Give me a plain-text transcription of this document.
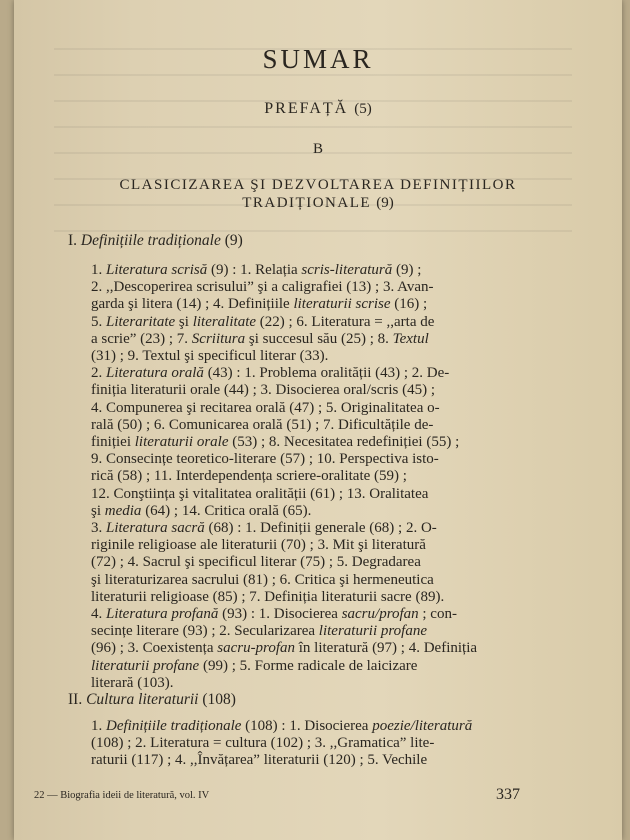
SUMAR
PREFAȚĂ (5)
B
CLASICIZAREA ŞI DEZVOLTAREA DEFINIȚIILOR
TRADIȚIONALE (9)
I. Definițiile tradiționale (9)
1. Literatura scrisă (9) : 1. Relația scris-literatură (9) ;
2. ,,Descoperirea scrisului” şi a caligrafiei (13) ; 3. Avan-
garda şi litera (14) ; 4. Definițiile literaturii scrise (16) ;
5. Literaritate şi literalitate (22) ; 6. Literatura = ,,arta de
a scrie” (23) ; 7. Scriitura şi succesul său (25) ; 8. Textul
(31) ; 9. Textul şi specificul literar (33).
2. Literatura orală (43) : 1. Problema oralității (43) ; 2. De-
finiția literaturii orale (44) ; 3. Disocierea oral/scris (45) ;
4. Compunerea şi recitarea orală (47) ; 5. Originalitatea o-
rală (50) ; 6. Comunicarea orală (51) ; 7. Dificultățile de-
finiției literaturii orale (53) ; 8. Necesitatea redefiniției (55) ;
9. Consecințe teoretico-literare (57) ; 10. Perspectiva isto-
rică (58) ; 11. Interdependența scriere-oralitate (59) ;
12. Conştiința şi vitalitatea oralității (61) ; 13. Oralitatea
şi media (64) ; 14. Critica orală (65).
3. Literatura sacră (68) : 1. Definiții generale (68) ; 2. O-
riginile religioase ale literaturii (70) ; 3. Mit şi literatură
(72) ; 4. Sacrul şi specificul literar (75) ; 5. Degradarea
şi literaturizarea sacrului (81) ; 6. Critica şi hermeneutica
literaturii religioase (85) ; 7. Definiția literaturii sacre (89).
4. Literatura profană (93) : 1. Disocierea sacru/profan ; con-
secințe literare (93) ; 2. Secularizarea literaturii profane
(96) ; 3. Coexistența sacru-profan în literatură (97) ; 4. Definiția
literaturii profane (99) ; 5. Forme radicale de laicizare
literară (103).
II. Cultura literaturii (108)
1. Definițiile tradiționale (108) : 1. Disocierea poezie/literatură
(108) ; 2. Literatura = cultura (102) ; 3. ,,Gramatica” lite-
raturii (117) ; 4. ,,Învățarea” literaturii (120) ; 5. Vechile
22 — Biografia ideii de literatură, vol. IV	337
